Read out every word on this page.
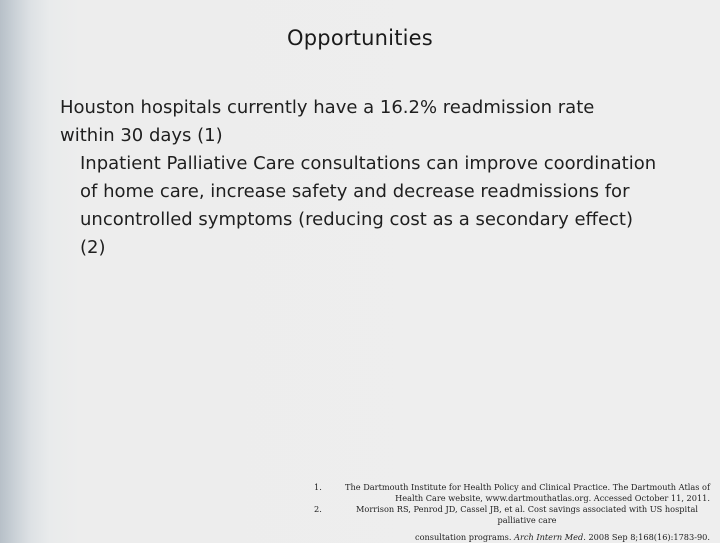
Opportunities

Houston hospitals currently have a 16.2% readmission rate within 30 days (1)

Inpatient Palliative Care consultations can improve coordination of home care, increase safety and decrease readmissions for uncontrolled symptoms (reducing cost as a secondary effect) (2)

1.	The Dartmouth Institute for Health Policy and Clinical Practice. The Dartmouth Atlas of Health Care website, www.dartmouthatlas.org. Accessed October 11, 2011.
2.	Morrison RS, Penrod JD, Cassel JB, et al. Cost savings associated with US hospital palliative care
consultation programs. Arch Intern Med. 2008 Sep 8;168(16):1783-90.
